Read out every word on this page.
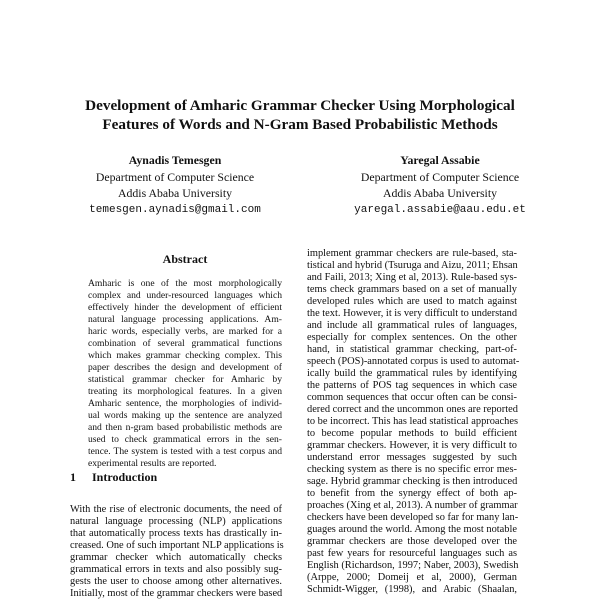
Development of Amharic Grammar Checker Using Morphological
Features of Words and N-Gram Based Probabilistic Methods
Aynadis Temesgen
Department of Computer Science
Addis Ababa University
temesgen.aynadis@gmail.com
Yaregal Assabie
Department of Computer Science
Addis Ababa University
yaregal.assabie@aau.edu.et
Abstract
Amharic is one of the most morphologically
complex and under-resourced languages which
effectively hinder the development of efficient
natural language processing applications. Am-
haric words, especially verbs, are marked for a
combination of several grammatical functions
which makes grammar checking complex. This
paper describes the design and development of
statistical grammar checker for Amharic by
treating its morphological features. In a given
Amharic sentence, the morphologies of individ-
ual words making up the sentence are analyzed
and then n-gram based probabilistic methods are
used to check grammatical errors in the sen-
tence. The system is tested with a test corpus and
experimental results are reported.
1 Introduction
With the rise of electronic documents, the need of
natural language processing (NLP) applications
that automatically process texts has drastically in-
creased. One of such important NLP applications is
grammar checker which automatically checks
grammatical errors in texts and also possibly sug-
gests the user to choose among other alternatives.
Initially, most of the grammar checkers were based
implement grammar checkers are rule-based, sta-
tistical and hybrid (Tsuruga and Aizu, 2011; Ehsan
and Faili, 2013; Xing et al, 2013). Rule-based sys-
tems check grammars based on a set of manually
developed rules which are used to match against
the text. However, it is very difficult to understand
and include all grammatical rules of languages,
especially for complex sentences. On the other
hand, in statistical grammar checking, part-of-
speech (POS)-annotated corpus is used to automat-
ically build the grammatical rules by identifying
the patterns of POS tag sequences in which case
common sequences that occur often can be consi-
dered correct and the uncommon ones are reported
to be incorrect. This has lead statistical approaches
to become popular methods to build efficient
grammar checkers. However, it is very difficult to
understand error messages suggested by such
checking system as there is no specific error mes-
sage. Hybrid grammar checking is then introduced
to benefit from the synergy effect of both ap-
proaches (Xing et al, 2013). A number of grammar
checkers have been developed so far for many lan-
guages around the world. Among the most notable
grammar checkers are those developed over the
past few years for resourceful languages such as
English (Richardson, 1997; Naber, 2003), Swedish
(Arppe, 2000; Domeij et al, 2000), German
Schmidt-Wigger, (1998), and Arabic (Shaalan,
